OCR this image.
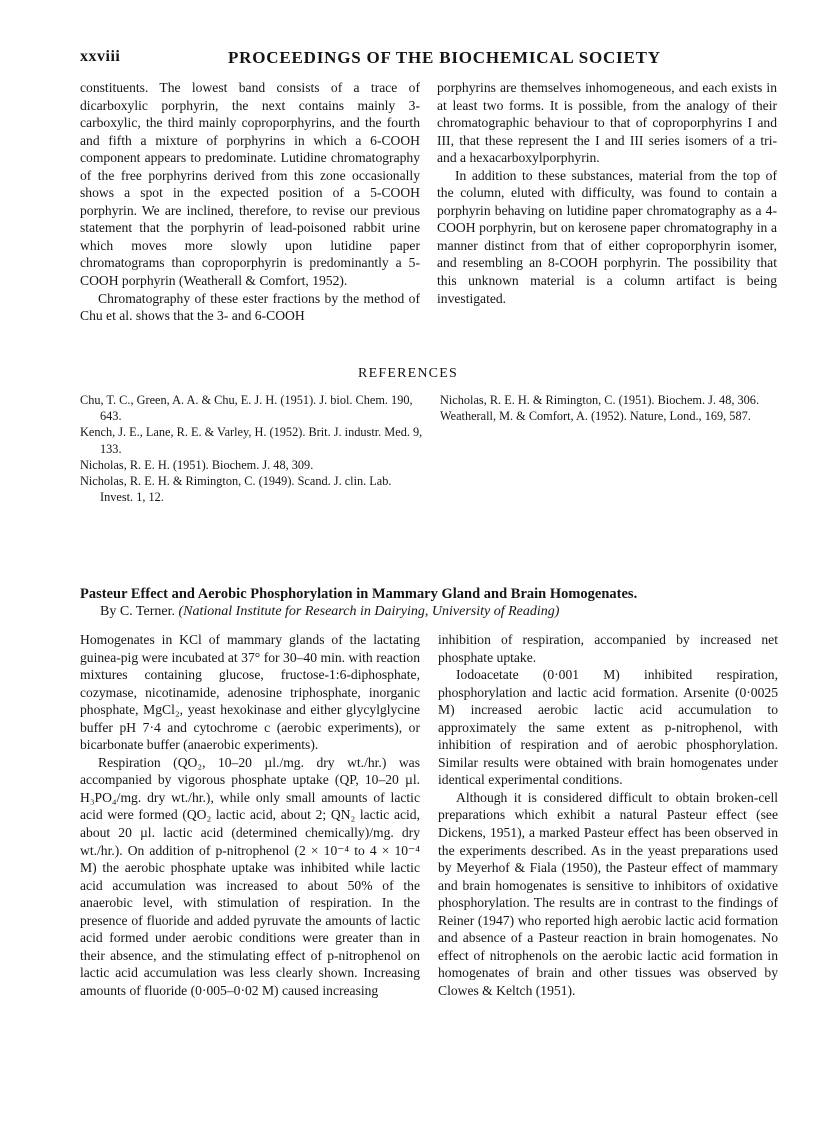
xxviii	PROCEEDINGS OF THE BIOCHEMICAL SOCIETY

constituents. The lowest band consists of a trace of dicarboxylic porphyrin, the next contains mainly 3-carboxylic, the third mainly coproporphyrins, and the fourth and fifth a mixture of porphyrins in which a 6-COOH component appears to predominate. Lutidine chromatography of the free porphyrins derived from this zone occasionally shows a spot in the expected position of a 5-COOH porphyrin. We are inclined, therefore, to revise our previous statement that the porphyrin of lead-poisoned rabbit urine which moves more slowly upon lutidine paper chromatograms than coproporphyrin is predominantly a 5-COOH porphyrin (Weatherall & Comfort, 1952).

Chromatography of these ester fractions by the method of Chu et al. shows that the 3- and 6-COOH

porphyrins are themselves inhomogeneous, and each exists in at least two forms. It is possible, from the analogy of their chromatographic behaviour to that of coproporphyrins I and III, that these represent the I and III series isomers of a tri- and a hexacarboxylporphyrin.

In addition to these substances, material from the top of the column, eluted with difficulty, was found to contain a porphyrin behaving on lutidine paper chromatography as a 4-COOH porphyrin, but on kerosene paper chromatography in a manner distinct from that of either coproporphyrin isomer, and resembling an 8-COOH porphyrin. The possibility that this unknown material is a column artifact is being investigated.

REFERENCES

Chu, T. C., Green, A. A. & Chu, E. J. H. (1951). J. biol. Chem. 190, 643.

Kench, J. E., Lane, R. E. & Varley, H. (1952). Brit. J. industr. Med. 9, 133.

Nicholas, R. E. H. (1951). Biochem. J. 48, 309.

Nicholas, R. E. H. & Rimington, C. (1949). Scand. J. clin. Lab. Invest. 1, 12.

Nicholas, R. E. H. & Rimington, C. (1951). Biochem. J. 48, 306.

Weatherall, M. & Comfort, A. (1952). Nature, Lond., 169, 587.

Pasteur Effect and Aerobic Phosphorylation in Mammary Gland and Brain Homogenates.
By C. Terner. (National Institute for Research in Dairying, University of Reading)

Homogenates in KCl of mammary glands of the lactating guinea-pig were incubated at 37° for 30–40 min. with reaction mixtures containing glucose, fructose-1:6-diphosphate, cozymase, nicotinamide, adenosine triphosphate, inorganic phosphate, MgCl₂, yeast hexokinase and either glycylglycine buffer pH 7·4 and cytochrome c (aerobic experiments), or bicarbonate buffer (anaerobic experiments).

Respiration (QO₂, 10–20 µl./mg. dry wt./hr.) was accompanied by vigorous phosphate uptake (QP, 10–20 µl. H₃PO₄/mg. dry wt./hr.), while only small amounts of lactic acid were formed (QO₂ lactic acid, about 2; QN₂ lactic acid, about 20 µl. lactic acid (determined chemically)/mg. dry wt./hr.). On addition of p-nitrophenol (2 × 10⁻⁴ to 4 × 10⁻⁴ M) the aerobic phosphate uptake was inhibited while lactic acid accumulation was increased to about 50% of the anaerobic level, with stimulation of respiration. In the presence of fluoride and added pyruvate the amounts of lactic acid formed under aerobic conditions were greater than in their absence, and the stimulating effect of p-nitrophenol on lactic acid accumulation was less clearly shown. Increasing amounts of fluoride (0·005–0·02 M) caused increasing

inhibition of respiration, accompanied by increased net phosphate uptake.

Iodoacetate (0·001 M) inhibited respiration, phosphorylation and lactic acid formation. Arsenite (0·0025 M) increased aerobic lactic acid accumulation to approximately the same extent as p-nitrophenol, with inhibition of respiration and of aerobic phosphorylation. Similar results were obtained with brain homogenates under identical experimental conditions.

Although it is considered difficult to obtain broken-cell preparations which exhibit a natural Pasteur effect (see Dickens, 1951), a marked Pasteur effect has been observed in the experiments described. As in the yeast preparations used by Meyerhof & Fiala (1950), the Pasteur effect of mammary and brain homogenates is sensitive to inhibitors of oxidative phosphorylation. The results are in contrast to the findings of Reiner (1947) who reported high aerobic lactic acid formation and absence of a Pasteur reaction in brain homogenates. No effect of nitrophenols on the aerobic lactic acid formation in homogenates of brain and other tissues was observed by Clowes & Keltch (1951).
